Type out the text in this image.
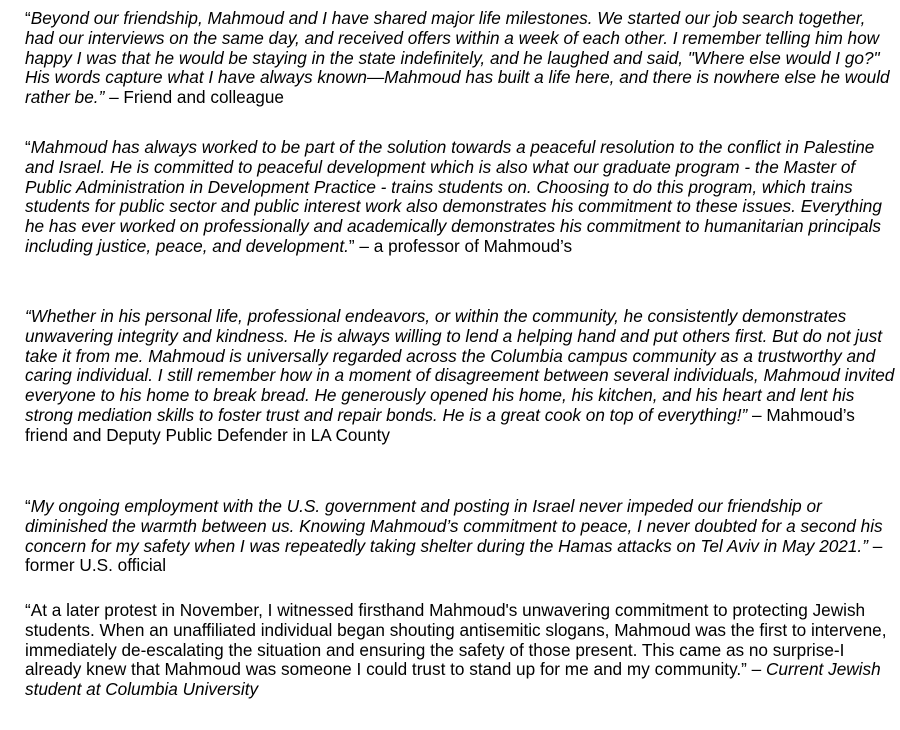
“Beyond our friendship, Mahmoud and I have shared major life milestones. We started our job search together, had our interviews on the same day, and received offers within a week of each other. I remember telling him how happy I was that he would be staying in the state indefinitely, and he laughed and said, "Where else would I go?" His words capture what I have always known—Mahmoud has built a life here, and there is nowhere else he would rather be.” – Friend and colleague

“Mahmoud has always worked to be part of the solution towards a peaceful resolution to the conflict in Palestine and Israel. He is committed to peaceful development which is also what our graduate program - the Master of Public Administration in Development Practice - trains students on. Choosing to do this program, which trains students for public sector and public interest work also demonstrates his commitment to these issues. Everything he has ever worked on professionally and academically demonstrates his commitment to humanitarian principals including justice, peace, and development.” – a professor of Mahmoud’s

“Whether in his personal life, professional endeavors, or within the community, he consistently demonstrates unwavering integrity and kindness. He is always willing to lend a helping hand and put others first. But do not just take it from me. Mahmoud is universally regarded across the Columbia campus community as a trustworthy and caring individual. I still remember how in a moment of disagreement between several individuals, Mahmoud invited everyone to his home to break bread. He generously opened his home, his kitchen, and his heart and lent his strong mediation skills to foster trust and repair bonds. He is a great cook on top of everything!” – Mahmoud’s friend and Deputy Public Defender in LA County

“My ongoing employment with the U.S. government and posting in Israel never impeded our friendship or diminished the warmth between us. Knowing Mahmoud’s commitment to peace, I never doubted for a second his concern for my safety when I was repeatedly taking shelter during the Hamas attacks on Tel Aviv in May 2021.” – former U.S. official

“At a later protest in November, I witnessed firsthand Mahmoud's unwavering commitment to protecting Jewish students. When an unaffiliated individual began shouting antisemitic slogans, Mahmoud was the first to intervene, immediately de-escalating the situation and ensuring the safety of those present. This came as no surprise-I already knew that Mahmoud was someone I could trust to stand up for me and my community.” – Current Jewish student at Columbia University
